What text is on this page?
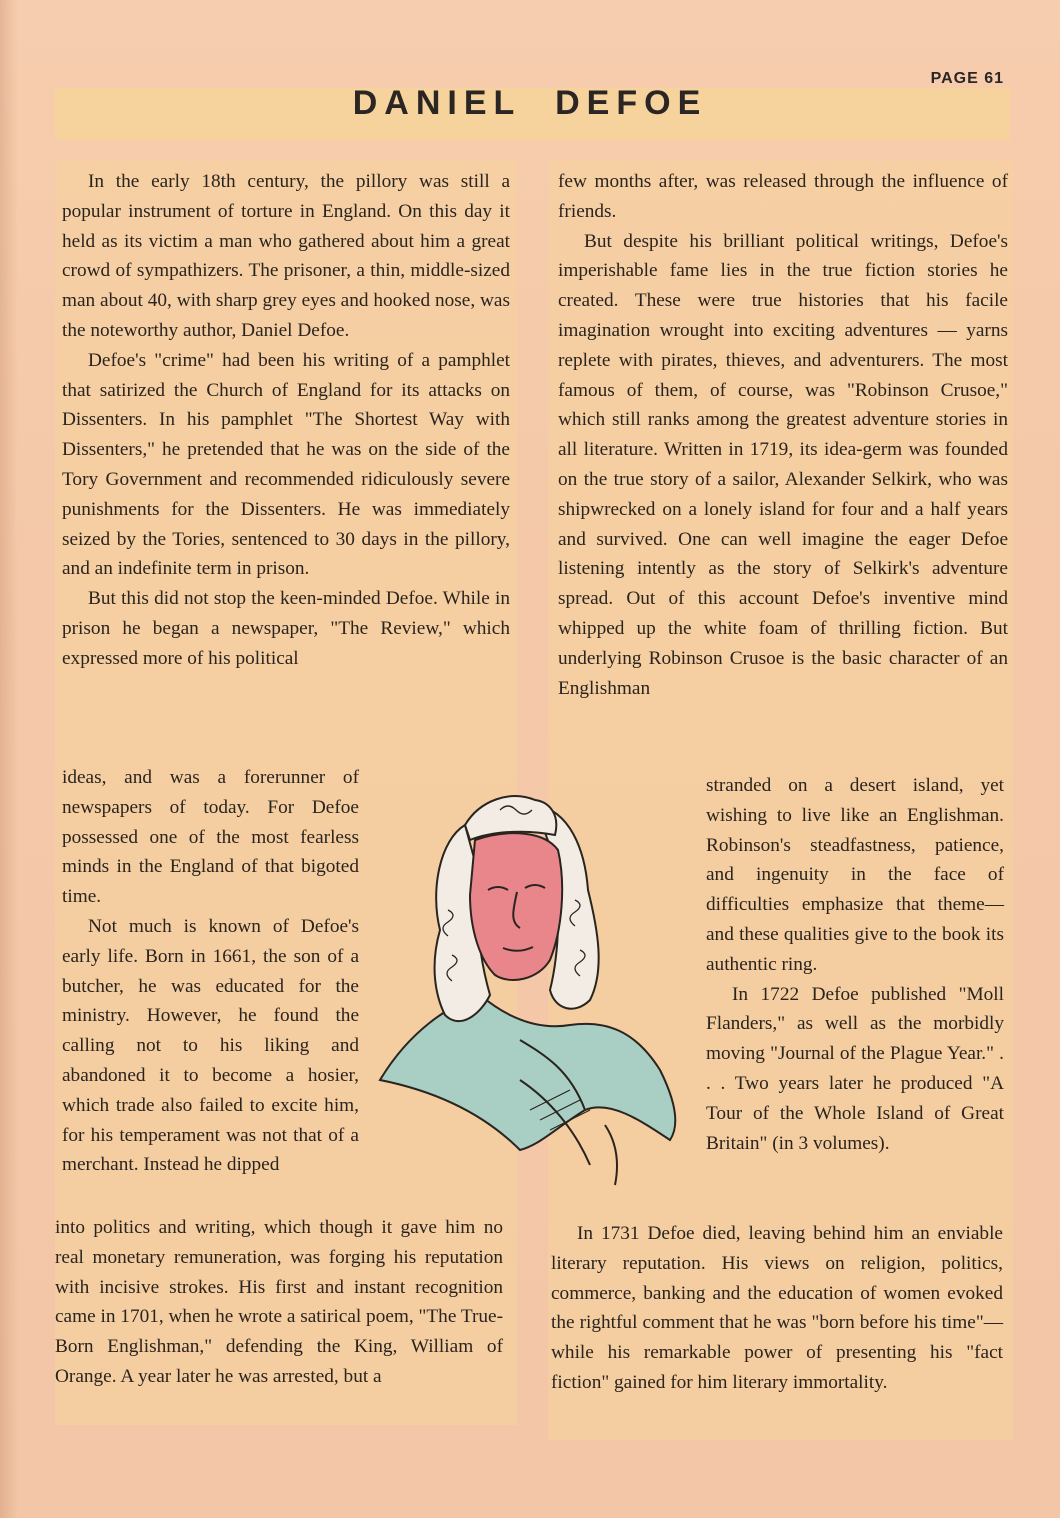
PAGE 61
DANIEL DEFOE

In the early 18th century, the pillory was still a popular instrument of torture in England. On this day it held as its victim a man who gathered about him a great crowd of sympathizers. The prisoner, a thin, middle-sized man about 40, with sharp grey eyes and hooked nose, was the noteworthy author, Daniel Defoe.

Defoe's "crime" had been his writing of a pamphlet that satirized the Church of England for its attacks on Dissenters. In his pamphlet "The Shortest Way with Dissenters," he pretended that he was on the side of the Tory Government and recommended ridiculously severe punishments for the Dissenters. He was immediately seized by the Tories, sentenced to 30 days in the pillory, and an indefinite term in prison.

But this did not stop the keen-minded Defoe. While in prison he began a newspaper, "The Review," which expressed more of his political

ideas, and was a forerunner of newspapers of today. For Defoe possessed one of the most fearless minds in the England of that bigoted time.

Not much is known of Defoe's early life. Born in 1661, the son of a butcher, he was educated for the ministry. However, he found the calling not to his liking and abandoned it to become a hosier, which trade also failed to excite him, for his temperament was not that of a merchant. Instead he dipped

into politics and writing, which though it gave him no real monetary remuneration, was forging his reputation with incisive strokes. His first and instant recognition came in 1701, when he wrote a satirical poem, "The True-Born Englishman," defending the King, William of Orange. A year later he was arrested, but a

few months after, was released through the influence of friends.

But despite his brilliant political writings, Defoe's imperishable fame lies in the true fiction stories he created. These were true histories that his facile imagination wrought into exciting adventures — yarns replete with pirates, thieves, and adventurers. The most famous of them, of course, was "Robinson Crusoe," which still ranks among the greatest adventure stories in all literature. Written in 1719, its idea-germ was founded on the true story of a sailor, Alexander Selkirk, who was shipwrecked on a lonely island for four and a half years and survived. One can well imagine the eager Defoe listening intently as the story of Selkirk's adventure spread. Out of this account Defoe's inventive mind whipped up the white foam of thrilling fiction. But underlying Robinson Crusoe is the basic character of an Englishman

stranded on a desert island, yet wishing to live like an Englishman. Robinson's steadfastness, patience, and ingenuity in the face of difficulties emphasize that theme—and these qualities give to the book its authentic ring.

In 1722 Defoe published "Moll Flanders," as well as the morbidly moving "Journal of the Plague Year." . . . Two years later he produced "A Tour of the Whole Island of Great Britain" (in 3 volumes).

In 1731 Defoe died, leaving behind him an enviable literary reputation. His views on religion, politics, commerce, banking and the education of women evoked the rightful comment that he was "born before his time"—while his remarkable power of presenting his "fact fiction" gained for him literary immortality.
